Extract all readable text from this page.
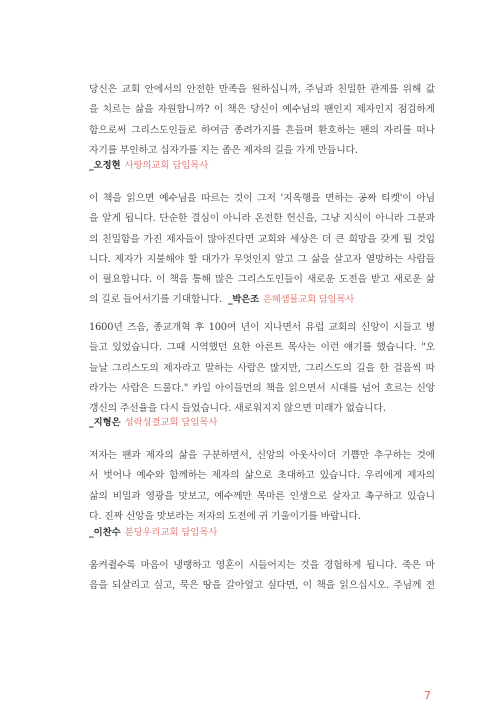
당신은 교회 안에서의 안전한 만족을 원하십니까, 주님과 친밀한 관계를 위해 값
을 치르는 삶을 자원합니까? 이 책은 당신이 예수님의 팬인지 제자인지 점검하게
함으로써 그리스도인들로 하여금 종려가지를 흔들며 환호하는 팬의 자리를 떠나
자기를 부인하고 십자가를 지는 좁은 제자의 길을 가게 만듭니다.
_오정현 사랑의교회 담임목사
이 책을 읽으면 예수님을 따르는 것이 그저 '지옥행을 면하는 공짜 티켓'이 아님
을 알게 됩니다. 단순한 결심이 아니라 온전한 헌신을, 그냥 지식이 아니라 그분과
의 친밀함을 가진 제자들이 많아진다면 교회와 세상은 더 큰 희망을 갖게 될 것입
니다. 제자가 지불해야 할 대가가 무엇인지 알고 그 삶을 살고자 열망하는 사람들
이 필요합니다. 이 책을 통해 많은 그리스도인들이 새로운 도전을 받고 새로운 삶
의 길로 들어서기를 기대합니다. _박은조 은혜샘물교회 담임목사
1600년 즈음, 종교개혁 후 100여 년이 지나면서 유럽 교회의 신앙이 시들고 병
들고 있었습니다. 그때 시역했던 요한 아른트 목사는 이런 얘기를 했습니다. "오
늘날 그리스도의 제자라고 말하는 사람은 많지만, 그리스도의 길을 한 걸음씩 따
라가는 사람은 드물다." 카일 아이들먼의 책을 읽으면서 시대를 넘어 흐르는 신앙
갱신의 주선율을 다시 들었습니다. 새로워지지 않으면 미래가 없습니다.
_지형은 성락성결교회 담임목사
저자는 팬과 제자의 삶을 구분하면서, 신앙의 아웃사이더 기쁨만 추구하는 것에
서 벗어나 예수와 함께하는 제자의 삶으로 초대하고 있습니다. 우리에게 제자의
삶의 비밀과 영광을 맛보고, 예수께만 목마른 인생으로 살자고 촉구하고 있습니
다. 진짜 신앙을 맛보라는 저자의 도전에 귀 기울이기를 바랍니다.
_이찬수 분당우리교회 담임목사
움켜쥘수록 마음이 냉랭하고 영혼이 시들어지는 것을 경험하게 됩니다. 죽은 마
음을 되살리고 싶고, 묵은 땅을 갈아엎고 싶다면, 이 책을 읽으십시오. 주님께 전
7
